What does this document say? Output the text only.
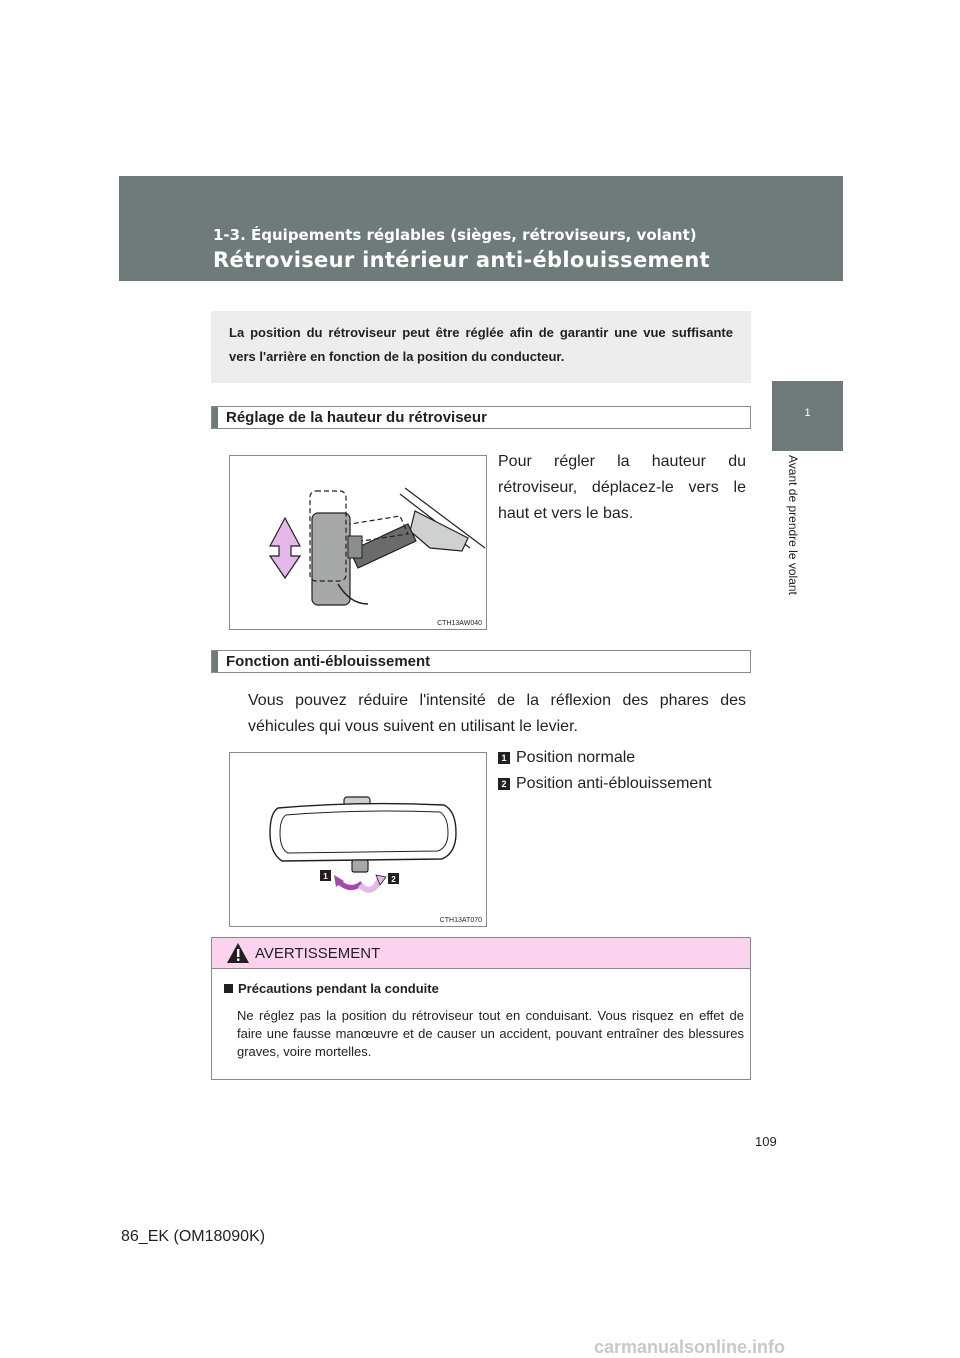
1-3. Équipements réglables (sièges, rétroviseurs, volant)
Rétroviseur intérieur anti-éblouissement
1
Avant de prendre le volant
La position du rétroviseur peut être réglée afin de garantir une vue suffisante vers l'arrière en fonction de la position du conducteur.
Réglage de la hauteur du rétroviseur
CTH13AW040
Pour régler la hauteur du rétroviseur, déplacez-le vers le haut et vers le bas.
Fonction anti-éblouissement
Vous pouvez réduire l'intensité de la réflexion des phares des véhicules qui vous suivent en utilisant le levier.
1 Position normale
2 Position anti-éblouissement
1	2
CTH13AT070
AVERTISSEMENT
Précautions pendant la conduite
Ne réglez pas la position du rétroviseur tout en conduisant. Vous risquez en effet de faire une fausse manœuvre et de causer un accident, pouvant entraîner des blessures graves, voire mortelles.
109
86_EK (OM18090K)
carmanualsonline.info
